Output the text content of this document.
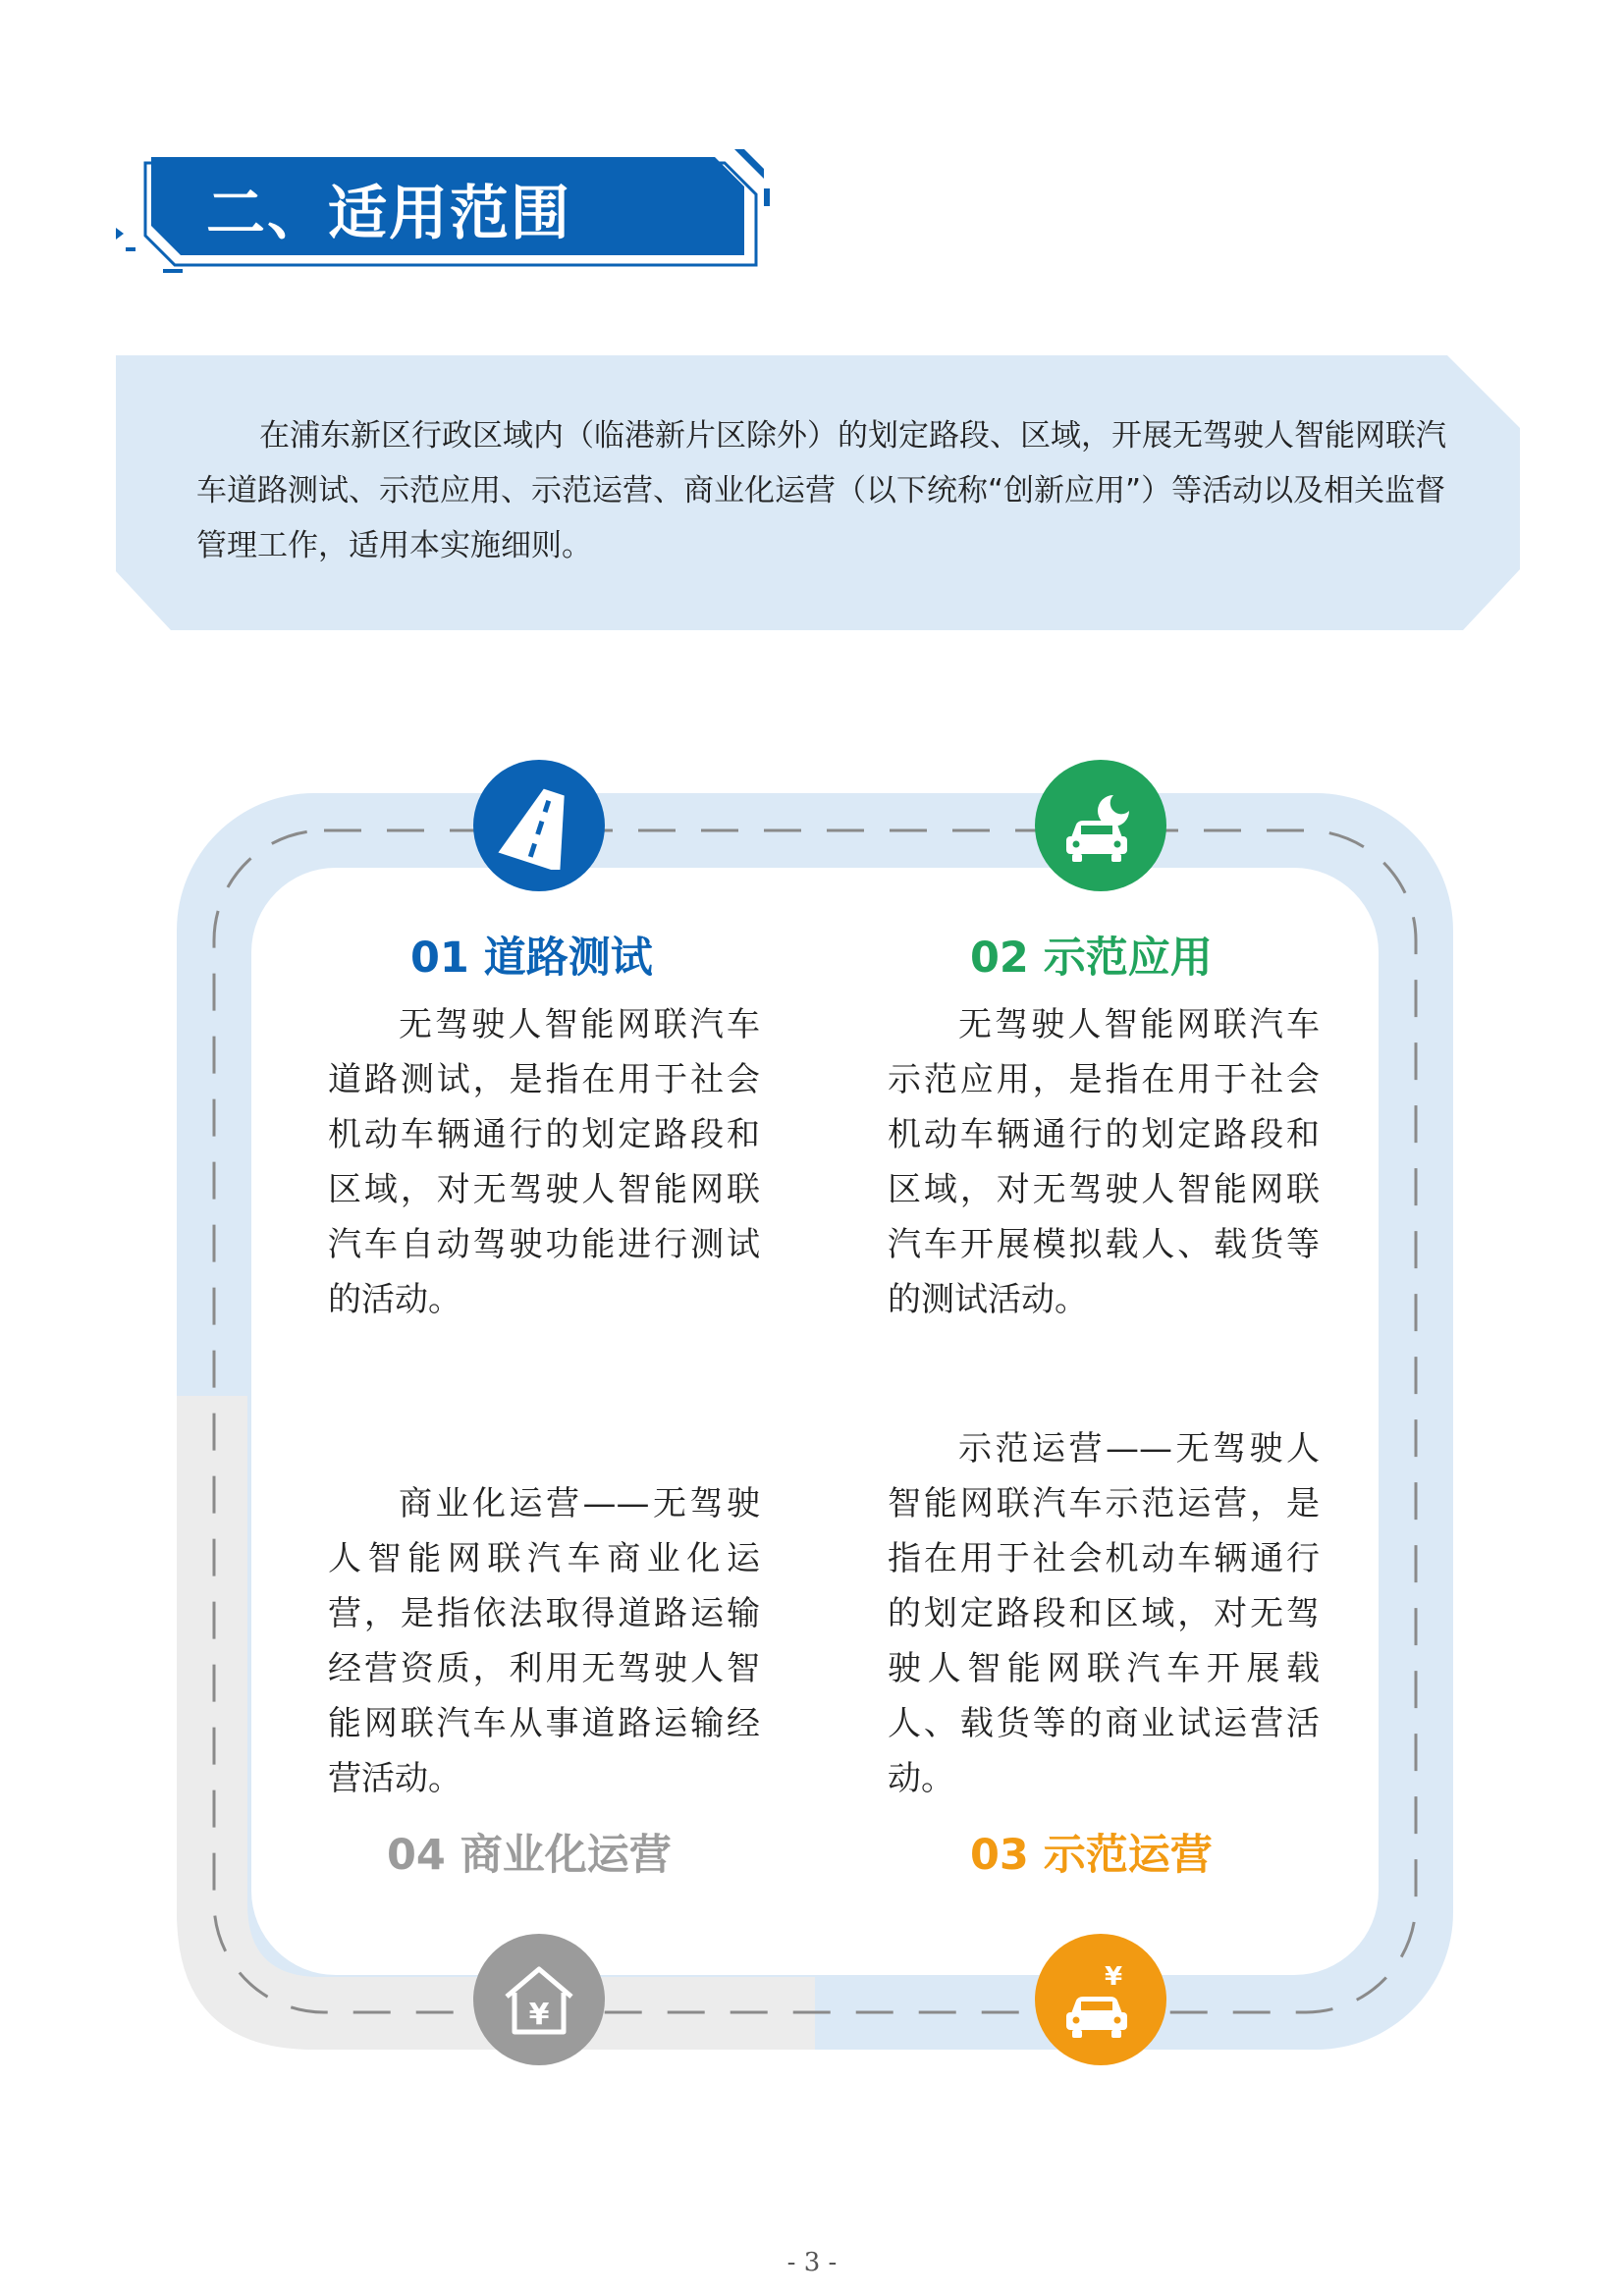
二、适用范围

在浦东新区行政区域内（临港新片区除外）的划定路段、区域，开展无驾驶人智能网联汽车道路测试、示范应用、示范运营、商业化运营（以下统称“创新应用”）等活动以及相关监督管理工作，适用本实施细则。

¥
¥
01 道路测试

无驾驶人智能网联汽车道路测试，是指在用于社会机动车辆通行的划定路段和区域，对无驾驶人智能网联汽车自动驾驶功能进行测试的活动。

02 示范应用

无驾驶人智能网联汽车示范应用，是指在用于社会机动车辆通行的划定路段和区域，对无驾驶人智能网联汽车开展模拟载人、载货等的测试活动。

商业化运营——无驾驶人智能网联汽车商业化运营，是指依法取得道路运输经营资质，利用无驾驶人智能网联汽车从事道路运输经营活动。

04 商业化运营

示范运营——无驾驶人智能网联汽车示范运营，是指在用于社会机动车辆通行的划定路段和区域，对无驾驶人智能网联汽车开展载人、载货等的商业试运营活动。

03 示范运营
- 3 -
